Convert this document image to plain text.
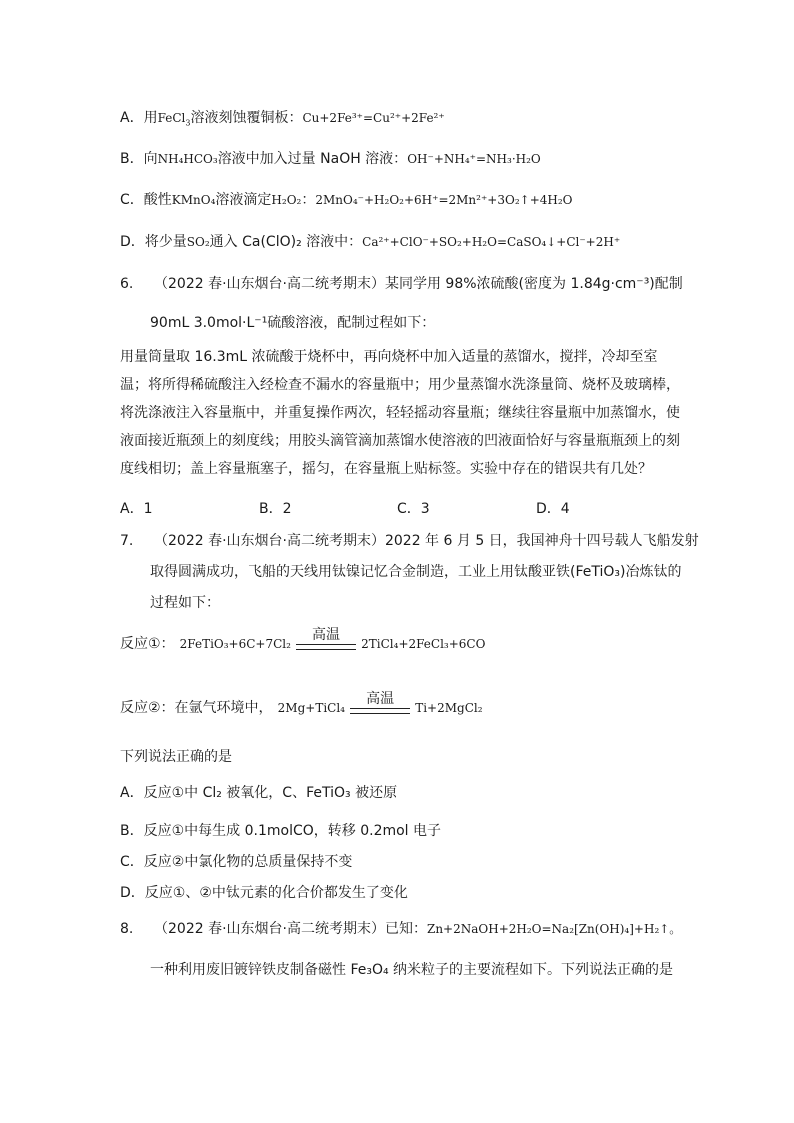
A．用FeCl$_3$溶液刻蚀覆铜板：Cu+2Fe³⁺=Cu²⁺+2Fe²⁺
B．向NH₄HCO₃溶液中加入过量 NaOH 溶液：OH⁻+NH₄⁺=NH₃·H₂O
C．酸性KMnO₄溶液滴定H₂O₂：2MnO₄⁻+H₂O₂+6H⁺=2Mn²⁺+3O₂↑+4H₂O
D．将少量SO₂通入 Ca(ClO)₂ 溶液中：Ca²⁺+ClO⁻+SO₂+H₂O=CaSO₄↓+Cl⁻+2H⁺
6. （2022 春·山东烟台·高二统考期末）某同学用 98%浓硫酸(密度为 1.84g·cm⁻³)配制
90mL 3.0mol·L⁻¹硫酸溶液，配制过程如下：
用量筒量取 16.3mL 浓硫酸于烧杯中，再向烧杯中加入适量的蒸馏水，搅拌，冷却至室温；将所得稀硫酸注入经检查不漏水的容量瓶中；用少量蒸馏水洗涤量筒、烧杯及玻璃棒，将洗涤液注入容量瓶中，并重复操作两次，轻轻摇动容量瓶；继续往容量瓶中加蒸馏水，使液面接近瓶颈上的刻度线；用胶头滴管滴加蒸馏水使溶液的凹液面恰好与容量瓶瓶颈上的刻度线相切；盖上容量瓶塞子，摇匀，在容量瓶上贴标签。实验中存在的错误共有几处？
A．1	B．2	C．3	D．4
7. （2022 春·山东烟台·高二统考期末）2022 年 6 月 5 日，我国神舟十四号载人飞船发射
取得圆满成功，飞船的天线用钛镍记忆合金制造，工业上用钛酸亚铁(FeTiO₃)冶炼钛的
过程如下：
反应①： 2FeTiO₃+6C+7Cl₂
高温
2TiCl₄+2FeCl₃+6CO
反应②：在氩气环境中， 2Mg+TiCl₄
高温
Ti+2MgCl₂
下列说法正确的是
A．反应①中 Cl₂ 被氧化，C、FeTiO₃ 被还原
B．反应①中每生成 0.1molCO，转移 0.2mol 电子
C．反应②中氯化物的总质量保持不变
D．反应①、②中钛元素的化合价都发生了变化
8. （2022 春·山东烟台·高二统考期末）已知：Zn+2NaOH+2H₂O=Na₂[Zn(OH)₄]+H₂↑。
一种利用废旧镀锌铁皮制备磁性 Fe₃O₄ 纳米粒子的主要流程如下。下列说法正确的是
